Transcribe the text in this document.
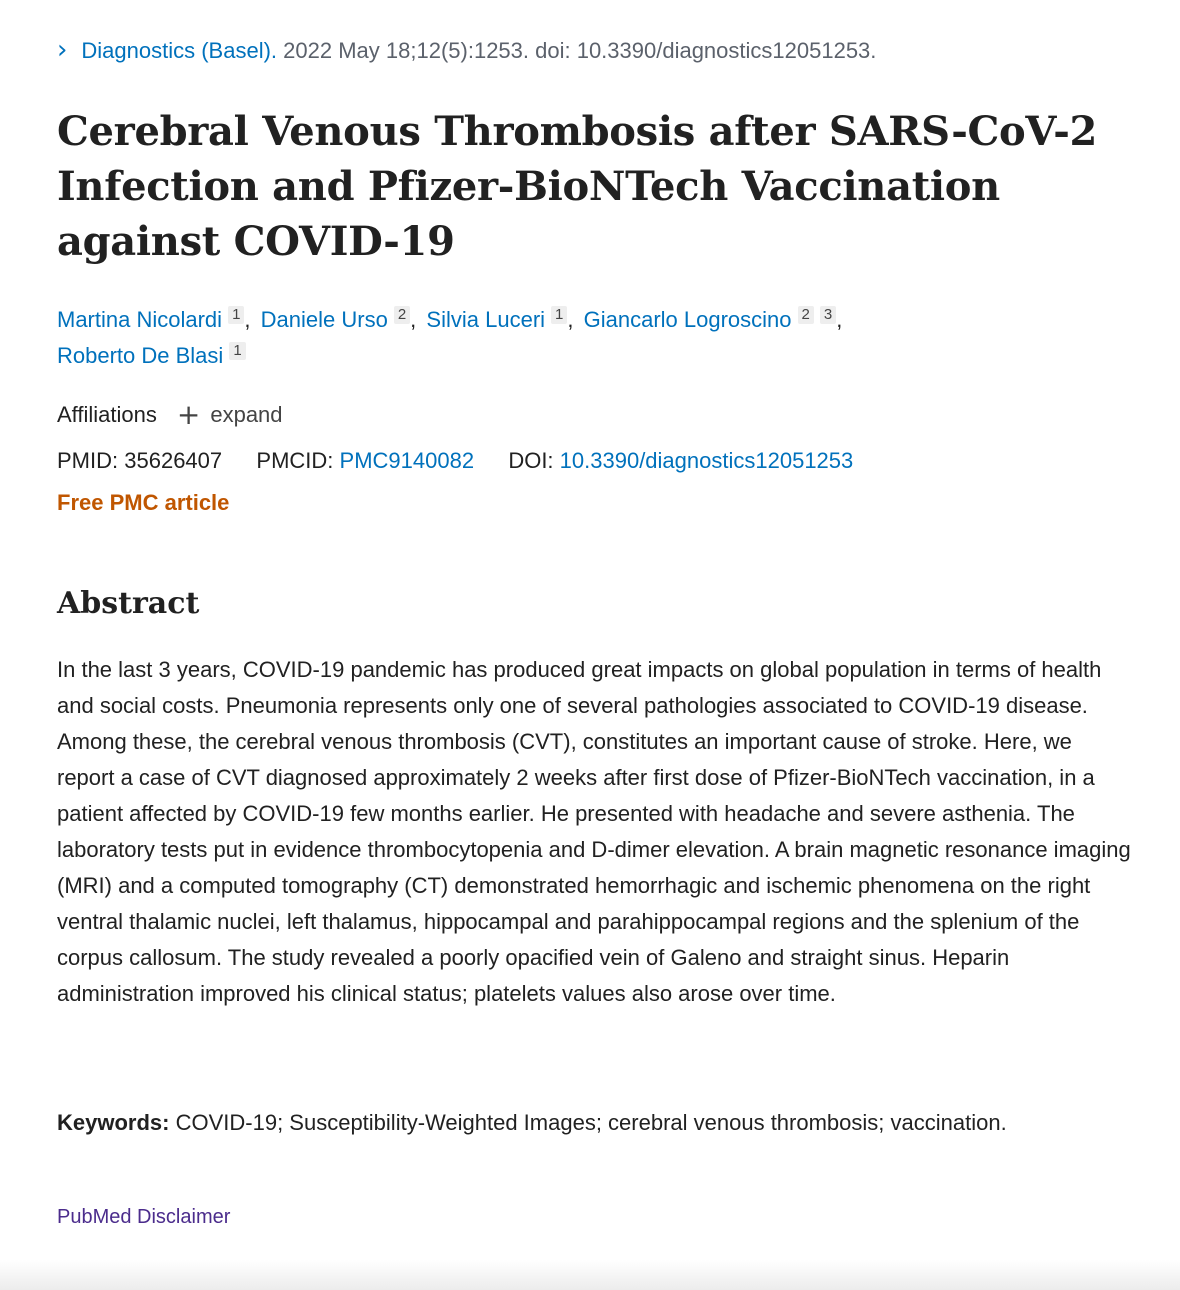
› Diagnostics (Basel).
2022 May 18;12(5):1253. doi: 10.3390/diagnostics12051253.
Cerebral Venous Thrombosis after SARS-CoV-2 Infection and Pfizer-BioNTech Vaccination against COVID-19
Martina Nicolardi 1 , Daniele Urso 2 , Silvia Luceri 1 , Giancarlo Logroscino 2 3 ,
Roberto De Blasi 1
Affiliations + expand
PMID: 35626407 PMCID: PMC9140082 DOI: 10.3390/diagnostics12051253
Free PMC article
Abstract

In the last 3 years, COVID-19 pandemic has produced great impacts on global population in terms of health and social costs. Pneumonia represents only one of several pathologies associated to COVID-19 disease. Among these, the cerebral venous thrombosis (CVT), constitutes an important cause of stroke. Here, we report a case of CVT diagnosed approximately 2 weeks after first dose of Pfizer-BioNTech vaccination, in a patient affected by COVID-19 few months earlier. He presented with headache and severe asthenia. The laboratory tests put in evidence thrombocytopenia and D-dimer elevation. A brain magnetic resonance imaging (MRI) and a computed tomography (CT) demonstrated hemorrhagic and ischemic phenomena on the right ventral thalamic nuclei, left thalamus, hippocampal and parahippocampal regions and the splenium of the corpus callosum. The study revealed a poorly opacified vein of Galeno and straight sinus. Heparin administration improved his clinical status; platelets values also arose over time.

Keywords: COVID-19; Susceptibility-Weighted Images; cerebral venous thrombosis; vaccination.

PubMed Disclaimer
